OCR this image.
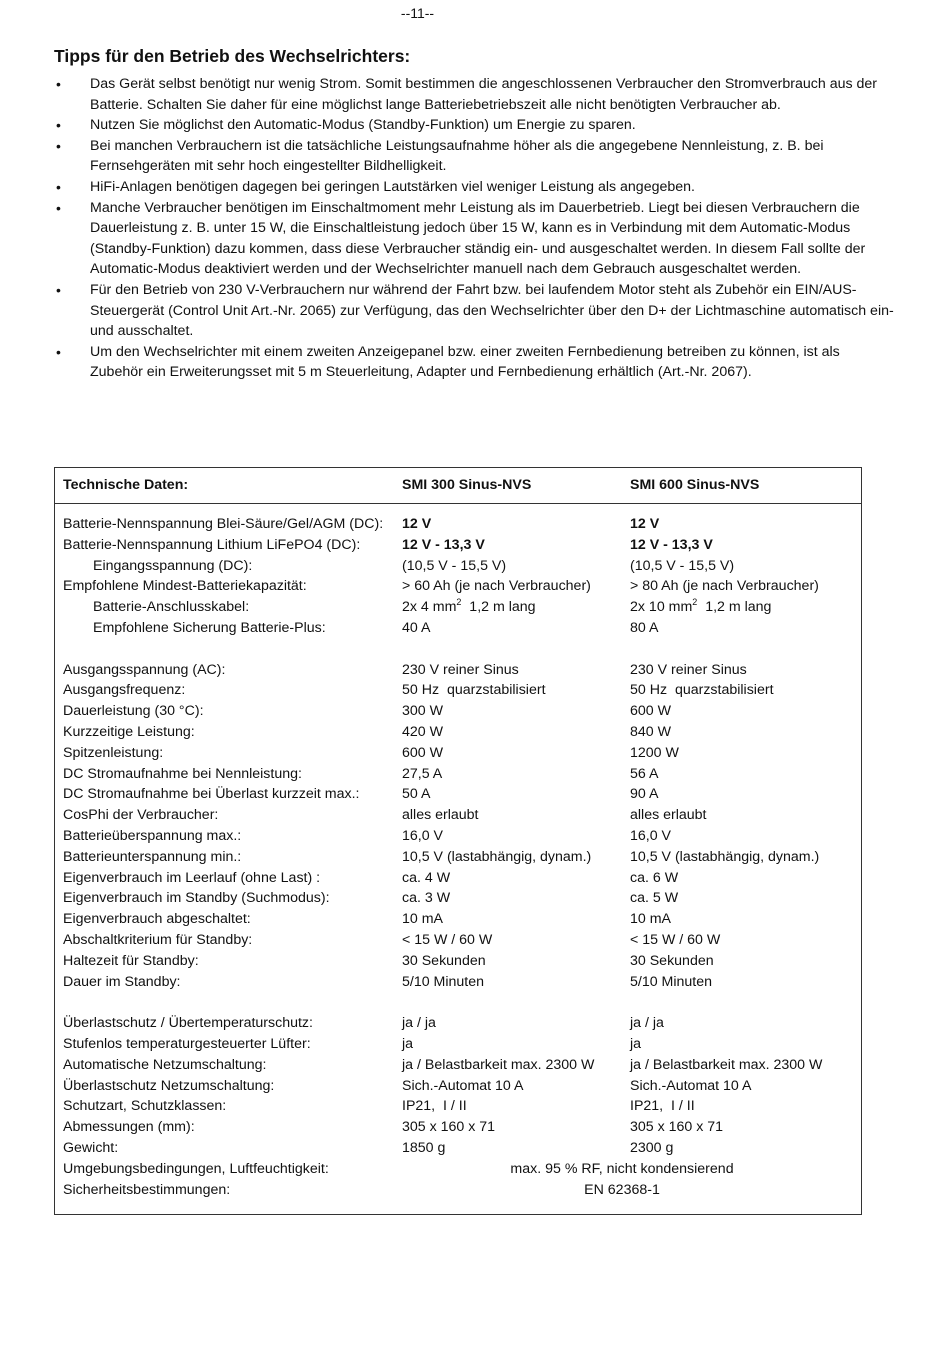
--11--
Tipps für den Betrieb des Wechselrichters:
• Das Gerät selbst benötigt nur wenig Strom. Somit bestimmen die angeschlossenen Verbraucher den Stromverbrauch aus der Batterie. Schalten Sie daher für eine möglichst lange Batteriebetriebszeit alle nicht benötigten Verbraucher ab.
• Nutzen Sie möglichst den Automatic-Modus (Standby-Funktion) um Energie zu sparen.
• Bei manchen Verbrauchern ist die tatsächliche Leistungsaufnahme höher als die angegebene Nennleistung, z. B. bei Fernsehgeräten mit sehr hoch eingestellter Bildhelligkeit.
• HiFi-Anlagen benötigen dagegen bei geringen Lautstärken viel weniger Leistung als angegeben.
• Manche Verbraucher benötigen im Einschaltmoment mehr Leistung als im Dauerbetrieb. Liegt bei diesen Verbrauchern die Dauerleistung z. B. unter 15 W, die Einschaltleistung jedoch über 15 W, kann es in Verbindung mit dem Automatic-Modus (Standby-Funktion) dazu kommen, dass diese Verbraucher ständig ein- und ausgeschaltet werden. In diesem Fall sollte der Automatic-Modus deaktiviert werden und der Wechselrichter manuell nach dem Gebrauch ausgeschaltet werden.
• Für den Betrieb von 230 V-Verbrauchern nur während der Fahrt bzw. bei laufendem Motor steht als Zubehör ein EIN/AUS-Steuergerät (Control Unit Art.-Nr. 2065) zur Verfügung, das den Wechselrichter über den D+ der Lichtmaschine automatisch ein- und ausschaltet.
• Um den Wechselrichter mit einem zweiten Anzeigepanel bzw. einer zweiten Fernbedienung betreiben zu können, ist als Zubehör ein Erweiterungsset mit 5 m Steuerleitung, Adapter und Fernbedienung erhältlich (Art.-Nr. 2067).
Technische Daten:	SMI 300 Sinus-NVS	SMI 600 Sinus-NVS
Batterie-Nennspannung Blei-Säure/Gel/AGM (DC): 12 V	12 V
Batterie-Nennspannung Lithium LiFePO4 (DC):	12 V - 13,3 V	12 V - 13,3 V
Eingangsspannung (DC):	(10,5 V - 15,5 V)	(10,5 V - 15,5 V)
Empfohlene Mindest-Batteriekapazität:	> 60 Ah (je nach Verbraucher)	> 80 Ah (je nach Verbraucher)
Batterie-Anschlusskabel:	2x 4 $mm^2$  1,2 m lang	2x 10 $mm^2$  1,2 m lang
Empfohlene Sicherung Batterie-Plus:	40 A	80 A
Ausgangsspannung (AC):	230 V reiner Sinus	230 V reiner Sinus
Ausgangsfrequenz:	50 Hz  quarzstabilisiert	50 Hz  quarzstabilisiert
Dauerleistung (30 °C):	300 W	600 W
Kurzzeitige Leistung:	420 W	840 W
Spitzenleistung:	600 W	1200 W
DC Stromaufnahme bei Nennleistung:	27,5 A	56 A
DC Stromaufnahme bei Überlast kurzzeit max.:	50 A	90 A
CosPhi der Verbraucher:	alles erlaubt	alles erlaubt
Batterieüberspannung max.:	16,0 V	16,0 V
Batterieunterspannung min.:	10,5 V (lastabhängig, dynam.)	10,5 V (lastabhängig, dynam.)
Eigenverbrauch im Leerlauf (ohne Last) :	ca. 4 W	ca. 6 W
Eigenverbrauch im Standby (Suchmodus):	ca. 3 W	ca. 5 W
Eigenverbrauch abgeschaltet:	10 mA	10 mA
Abschaltkriterium für Standby:	< 15 W / 60 W	< 15 W / 60 W
Haltezeit für Standby:	30 Sekunden	30 Sekunden
Dauer im Standby:	5/10 Minuten	5/10 Minuten
Überlastschutz / Übertemperaturschutz:	ja / ja	ja / ja
Stufenlos temperaturgesteuerter Lüfter:	ja	ja
Automatische Netzumschaltung:	ja / Belastbarkeit max. 2300 W	ja / Belastbarkeit max. 2300 W
Überlastschutz Netzumschaltung:	Sich.-Automat 10 A	Sich.-Automat 10 A
Schutzart, Schutzklassen:	IP21,  I / II	IP21,  I / II
Abmessungen (mm):	305 x 160 x 71	305 x 160 x 71
Gewicht:	1850 g	2300 g
Umgebungsbedingungen, Luftfeuchtigkeit:	max. 95 % RF, nicht kondensierend
Sicherheitsbestimmungen:	EN 62368-1
